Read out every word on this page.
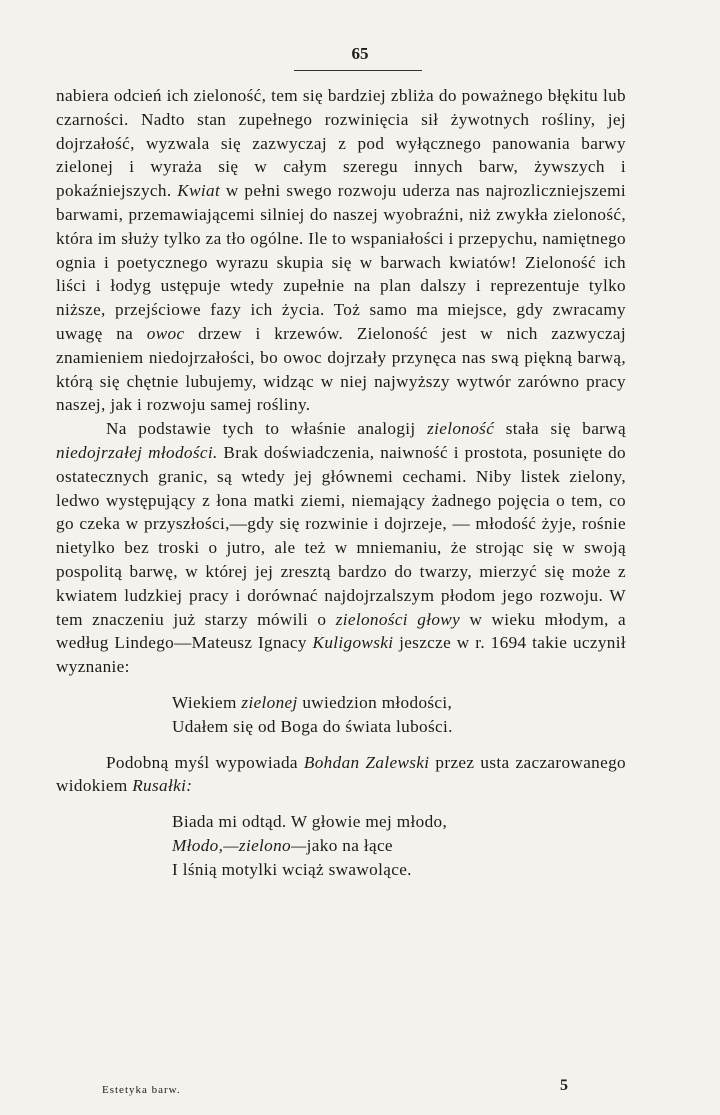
65

nabiera odcień ich zieloność, tem się bardziej zbliża do poważnego błękitu lub czarności. Nadto stan zupełnego rozwinięcia sił żywotnych rośliny, jej dojrzałość, wyzwala się zazwyczaj z pod wyłącznego panowania barwy zielonej i wyraża się w całym szeregu innych barw, żywszych i pokaźniejszych. Kwiat w pełni swego rozwoju uderza nas najrozliczniejszemi barwami, przemawiającemi silniej do naszej wyobraźni, niż zwykła zieloność, która im służy tylko za tło ogólne. Ile to wspaniałości i przepychu, namiętnego ognia i poetycznego wyrazu skupia się w barwach kwiatów! Zieloność ich liści i łodyg ustępuje wtedy zupełnie na plan dalszy i reprezentuje tylko niższe, przejściowe fazy ich życia. Toż samo ma miejsce, gdy zwracamy uwagę na owoc drzew i krzewów. Zieloność jest w nich zazwyczaj znamieniem niedojrzałości, bo owoc dojrzały przynęca nas swą piękną barwą, którą się chętnie lubujemy, widząc w niej najwyższy wytwór zarówno pracy naszej, jak i rozwoju samej rośliny.

Na podstawie tych to właśnie analogij zieloność stała się barwą niedojrzałej młodości. Brak doświadczenia, naiwność i prostota, posunięte do ostatecznych granic, są wtedy jej głównemi cechami. Niby listek zielony, ledwo występujący z łona matki ziemi, niemający żadnego pojęcia o tem, co go czeka w przyszłości,—gdy się rozwinie i dojrzeje, — młodość żyje, rośnie nietylko bez troski o jutro, ale też w mniemaniu, że strojąc się w swoją pospolitą barwę, w której jej zresztą bardzo do twarzy, mierzyć się może z kwiatem ludzkiej pracy i dorównać najdojrzalszym płodom jego rozwoju. W tem znaczeniu już starzy mówili o zieloności głowy w wieku młodym, a według Lindego—Mateusz Ignacy Kuligowski jeszcze w r. 1694 takie uczynił wyznanie:

Wiekiem zielonej uwiedzion młodości,
Udałem się od Boga do świata lubości.

Podobną myśl wypowiada Bohdan Zalewski przez usta zaczarowanego widokiem Rusałki:

Biada mi odtąd. W głowie mej młodo,
Młodo,—zielono—jako na łące
I lśnią motylki wciąż swawolące.
Estetyka barw.	5
